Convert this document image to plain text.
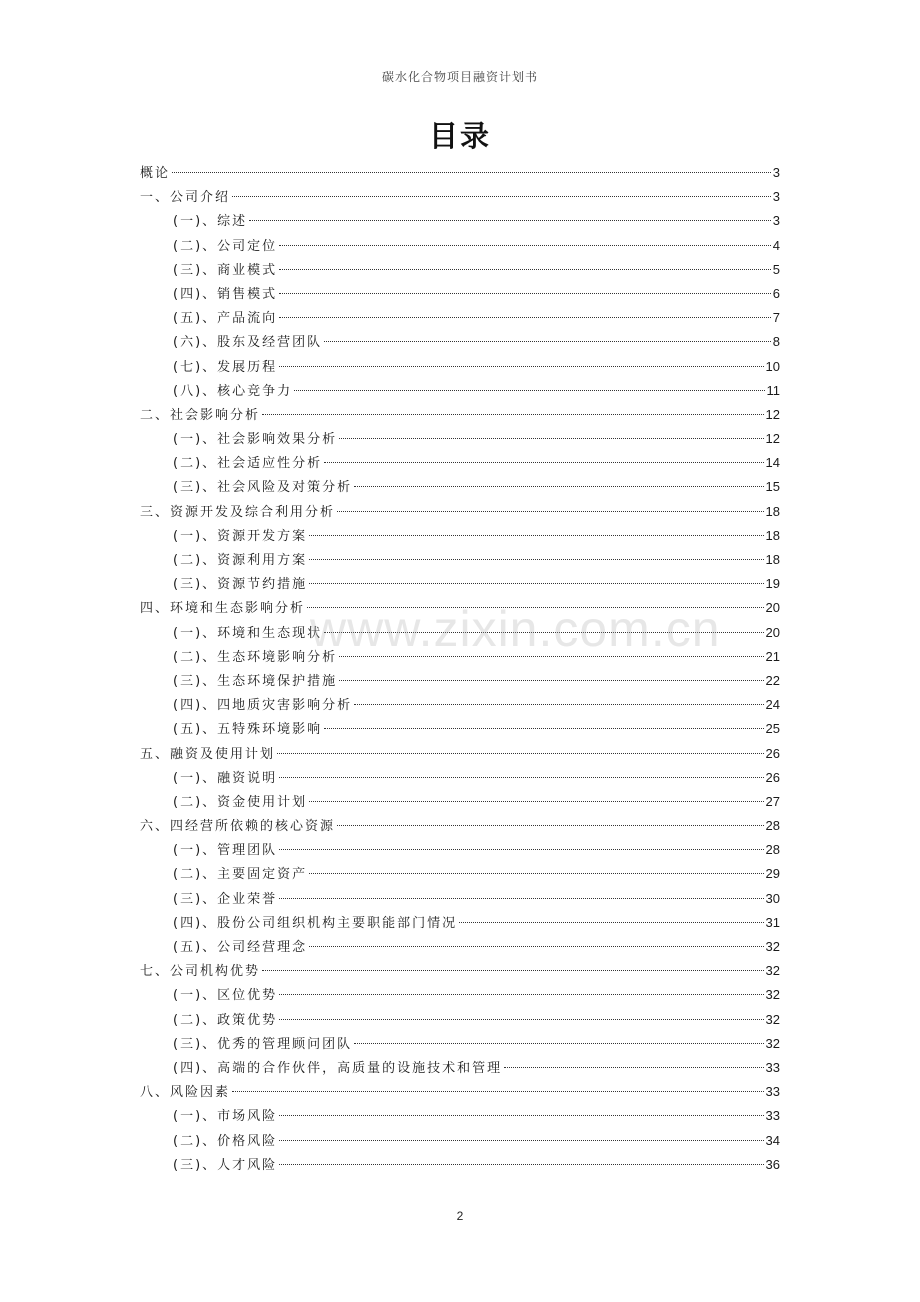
碳水化合物项目融资计划书
目录
概论	3
一、公司介绍	3
(一)、综述	3
(二)、公司定位	4
(三)、商业模式	5
(四)、销售模式	6
(五)、产品流向	7
(六)、股东及经营团队	8
(七)、发展历程	10
(八)、核心竞争力	11
二、社会影响分析	12
(一)、社会影响效果分析	12
(二)、社会适应性分析	14
(三)、社会风险及对策分析	15
三、资源开发及综合利用分析	18
(一)、资源开发方案	18
(二)、资源利用方案	18
(三)、资源节约措施	19
四、环境和生态影响分析	20
(一)、环境和生态现状	20
(二)、生态环境影响分析	21
(三)、生态环境保护措施	22
(四)、四地质灾害影响分析	24
(五)、五特殊环境影响	25
五、融资及使用计划	26
(一)、融资说明	26
(二)、资金使用计划	27
六、四经营所依赖的核心资源	28
(一)、管理团队	28
(二)、主要固定资产	29
(三)、企业荣誉	30
(四)、股份公司组织机构主要职能部门情况	31
(五)、公司经营理念	32
七、公司机构优势	32
(一)、区位优势	32
(二)、政策优势	32
(三)、优秀的管理顾问团队	32
(四)、高端的合作伙伴，高质量的设施技术和管理	33
八、风险因素	33
(一)、市场风险	33
(二)、价格风险	34
(三)、人才风险	36
www.zixin.com.cn
2
